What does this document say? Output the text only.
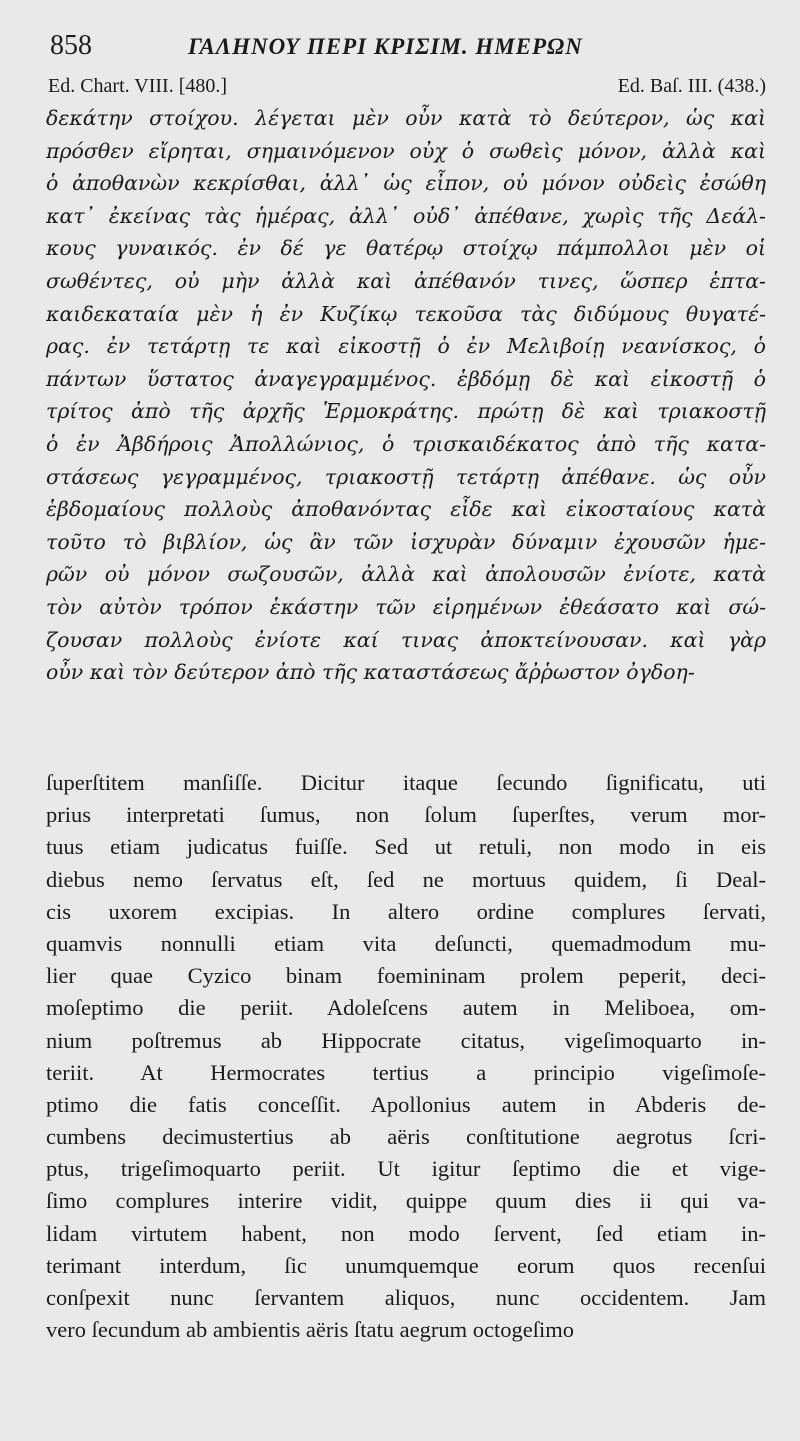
858	ΓΑΛΗΝΟΥ ΠΕΡΙ ΚΡΙΣΙΜ. ΗΜΕΡΩΝ
Ed. Chart. VIII. [480.]	Ed. Baſ. III. (438.)
δεκάτην στοίχου. λέγεται μὲν οὖν κατὰ τὸ δεύτερον, ὡς καὶ
πρόσθεν εἴρηται, σημαινόμενον οὐχ ὁ σωθεὶς μόνον, ἀλλὰ καὶ
ὁ ἀποθανὼν κεκρίσθαι, ἀλλ᾽ ὡς εἶπον, οὐ μόνον οὐδεὶς ἐσώθη
κατ᾽ ἐκείνας τὰς ἡμέρας, ἀλλ᾽ οὐδ᾽ ἀπέθανε, χωρὶς τῆς Δεάλ-
κους γυναικός. ἐν δέ γε θατέρῳ στοίχῳ πάμπολλοι μὲν οἱ
σωθέντες, οὐ μὴν ἀλλὰ καὶ ἀπέθανόν τινες, ὥσπερ ἑπτα-
καιδεκαταία μὲν ἡ ἐν Κυζίκῳ τεκοῦσα τὰς διδύμους θυγατέ-
ρας. ἐν τετάρτῃ τε καὶ εἰκοστῇ ὁ ἐν Μελιβοίῃ νεανίσκος, ὁ
πάντων ὕστατος ἀναγεγραμμένος. ἑβδόμῃ δὲ καὶ εἰκοστῇ ὁ
τρίτος ἀπὸ τῆς ἀρχῆς Ἑρμοκράτης. πρώτῃ δὲ καὶ τριακοστῇ
ὁ ἐν Ἀβδήροις Ἀπολλώνιος, ὁ τρισκαιδέκατος ἀπὸ τῆς κατα-
στάσεως γεγραμμένος, τριακοστῇ τετάρτῃ ἀπέθανε. ὡς οὖν
ἑβδομαίους πολλοὺς ἀποθανόντας εἶδε καὶ εἰκοσταίους κατὰ
τοῦτο τὸ βιβλίον, ὡς ἂν τῶν ἰσχυρὰν δύναμιν ἐχουσῶν ἡμε-
ρῶν οὐ μόνον σωζουσῶν, ἀλλὰ καὶ ἀπολουσῶν ἐνίοτε, κατὰ
τὸν αὐτὸν τρόπον ἑκάστην τῶν εἰρημένων ἐθεάσατο καὶ σώ-
ζουσαν πολλοὺς ἐνίοτε καί τινας ἀποκτείνουσαν. καὶ γὰρ
οὖν καὶ τὸν δεύτερον ἀπὸ τῆς καταστάσεως ἄῤῥωστον ὀγδοη-
ſuperſtitem manſiſſe. Dicitur itaque ſecundo ſignificatu, uti
prius interpretati ſumus, non ſolum ſuperſtes, verum mor-
tuus etiam judicatus fuiſſe. Sed ut retuli, non modo in eis
diebus nemo ſervatus eſt, ſed ne mortuus quidem, ſi Deal-
cis uxorem excipias. In altero ordine complures ſervati,
quamvis nonnulli etiam vita deſuncti, quemadmodum mu-
lier quae Cyzico binam foemininam prolem peperit, deci-
moſeptimo die periit. Adoleſcens autem in Meliboea, om-
nium poſtremus ab Hippocrate citatus, vigeſimoquarto in-
teriit. At Hermocrates tertius a principio vigeſimoſe-
ptimo die fatis conceſſit. Apollonius autem in Abderis de-
cumbens decimustertius ab aëris conſtitutione aegrotus ſcri-
ptus, trigeſimoquarto periit. Ut igitur ſeptimo die et vige-
ſimo complures interire vidit, quippe quum dies ii qui va-
lidam virtutem habent, non modo ſervent, ſed etiam in-
terimant interdum, ſic unumquemque eorum quos recenſui
conſpexit nunc ſervantem aliquos, nunc occidentem. Jam
vero ſecundum ab ambientis aëris ſtatu aegrum octogeſimo
